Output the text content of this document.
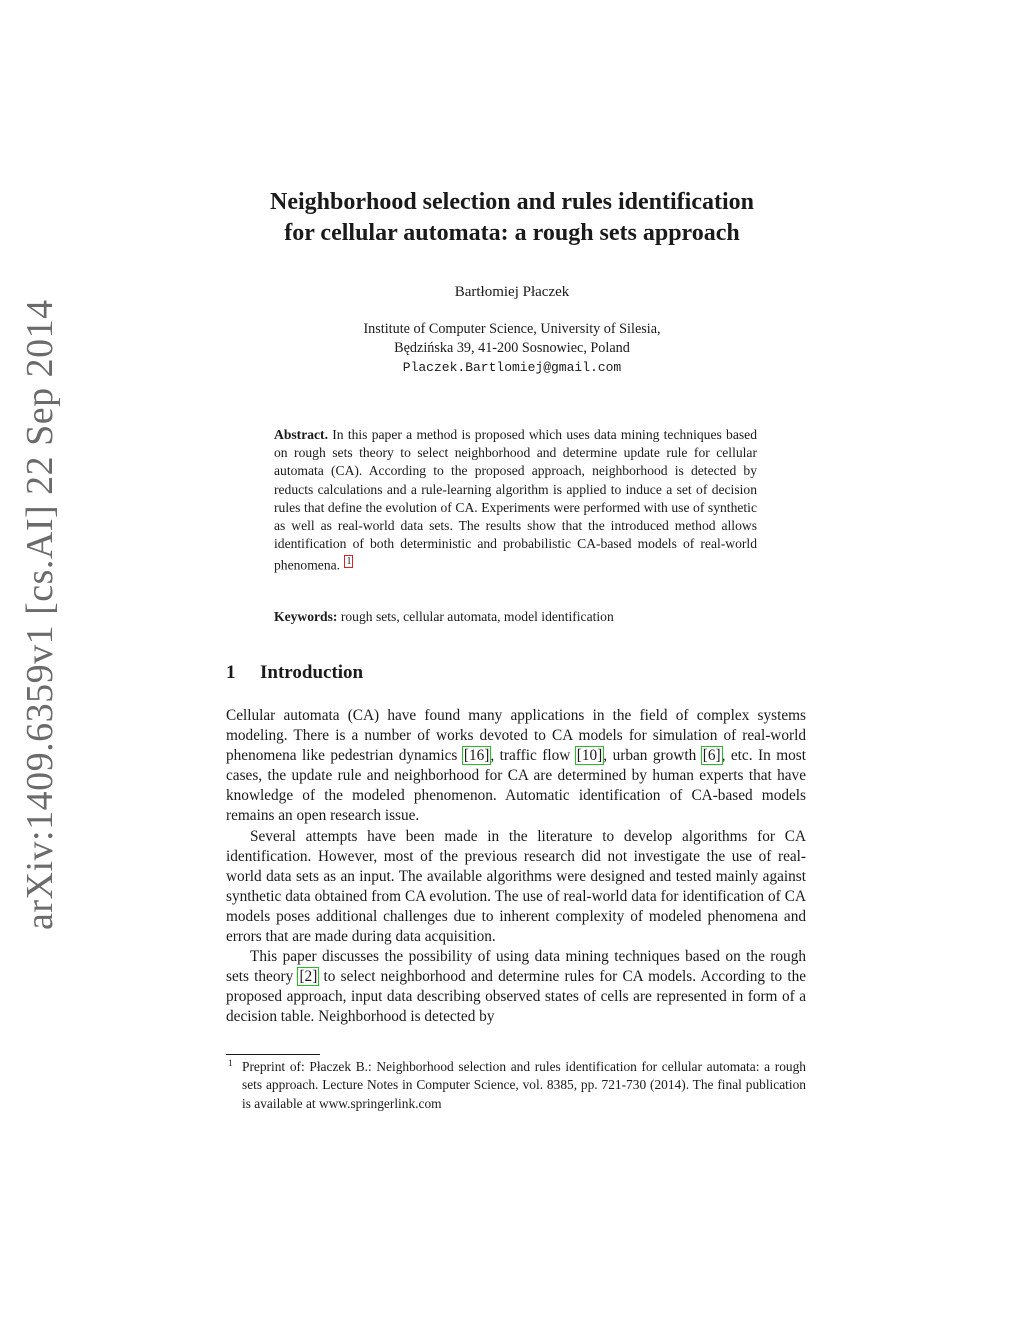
arXiv:1409.6359v1 [cs.AI] 22 Sep 2014
Neighborhood selection and rules identification
for cellular automata: a rough sets approach
Bartłomiej Płaczek
Institute of Computer Science, University of Silesia,
Będzińska 39, 41-200 Sosnowiec, Poland
Placzek.Bartlomiej@gmail.com
Abstract. In this paper a method is proposed which uses data mining techniques based on rough sets theory to select neighborhood and determine update rule for cellular automata (CA). According to the proposed approach, neighborhood is detected by reducts calculations and a rule-learning algorithm is applied to induce a set of decision rules that define the evolution of CA. Experiments were performed with use of synthetic as well as real-world data sets. The results show that the introduced method allows identification of both deterministic and probabilistic CA-based models of real-world phenomena. $^1$
Keywords: rough sets, cellular automata, model identification
1 Introduction

Cellular automata (CA) have found many applications in the field of complex systems modeling. There is a number of works devoted to CA models for simulation of real-world phenomena like pedestrian dynamics [16], traffic flow [10], urban growth [6], etc. In most cases, the update rule and neighborhood for CA are determined by human experts that have knowledge of the modeled phenomenon. Automatic identification of CA-based models remains an open research issue.

Several attempts have been made in the literature to develop algorithms for CA identification. However, most of the previous research did not investigate the use of real-world data sets as an input. The available algorithms were designed and tested mainly against synthetic data obtained from CA evolution. The use of real-world data for identification of CA models poses additional challenges due to inherent complexity of modeled phenomena and errors that are made during data acquisition.

This paper discusses the possibility of using data mining techniques based on the rough sets theory [2] to select neighborhood and determine rules for CA models. According to the proposed approach, input data describing observed states of cells are represented in form of a decision table. Neighborhood is detected by

1 Preprint of: Płaczek B.: Neighborhood selection and rules identification for cellular automata: a rough sets approach. Lecture Notes in Computer Science, vol. 8385, pp. 721-730 (2014). The final publication is available at www.springerlink.com
